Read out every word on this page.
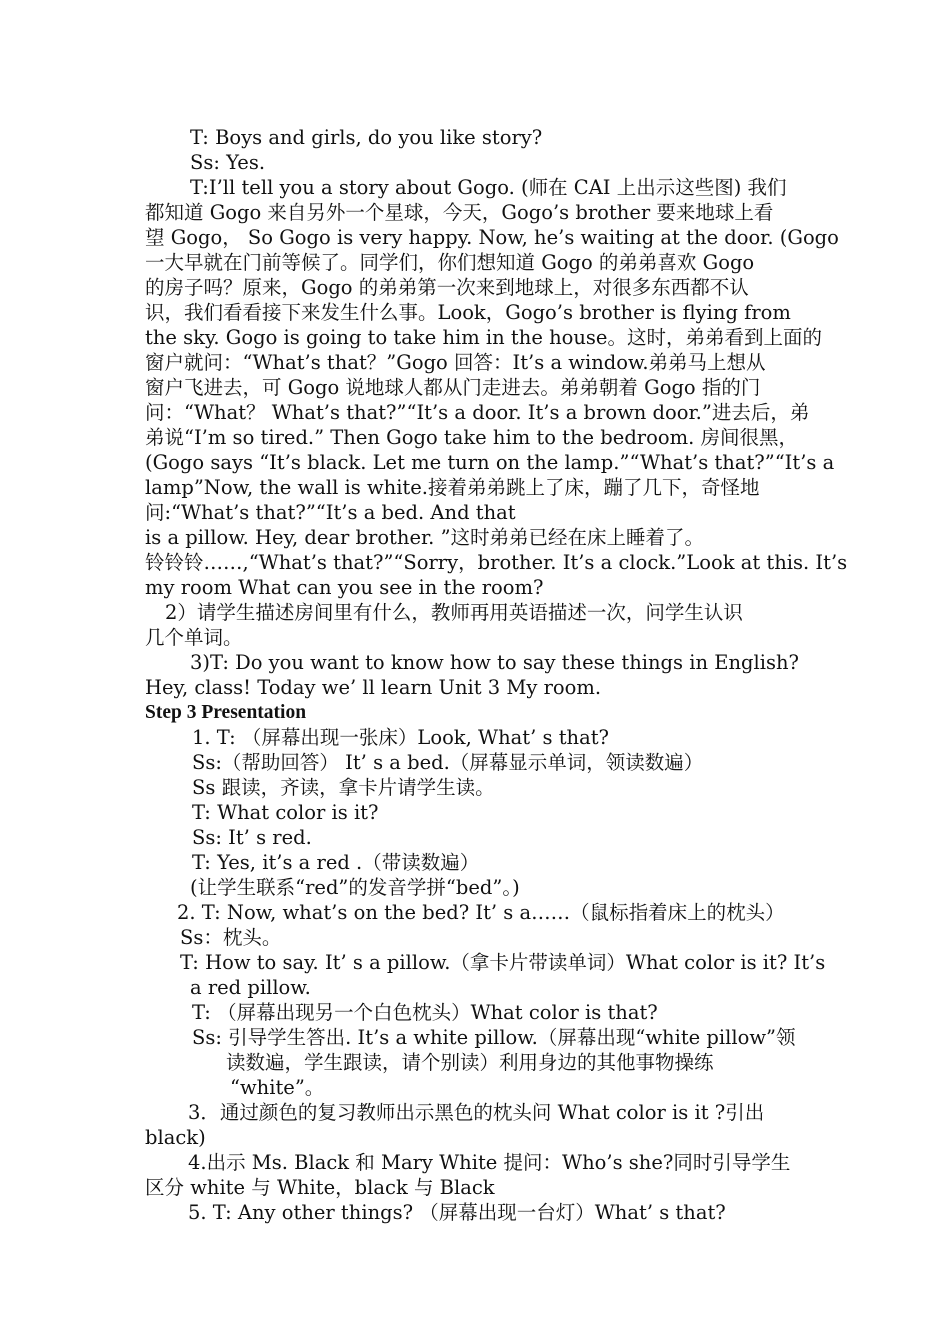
T: Boys and girls, do you like story?
Ss: Yes.
T:I’ll tell you a story about Gogo. (师在 CAI 上出示这些图) 我们
都知道 Gogo 来自另外一个星球，今天，Gogo’s brother 要来地球上看
望 Gogo， So Gogo is very happy. Now, he’s waiting at the door. (Gogo
一大早就在门前等候了。同学们，你们想知道 Gogo 的弟弟喜欢 Gogo
的房子吗？原来，Gogo 的弟弟第一次来到地球上，对很多东西都不认
识，我们看看接下来发生什么事。Look，Gogo’s brother is flying from
the sky. Gogo is going to take him in the house。这时，弟弟看到上面的
窗户就问：“What’s that？”Gogo 回答：It’s a window.弟弟马上想从
窗户飞进去，可 Gogo 说地球人都从门走进去。弟弟朝着 Gogo 指的门
问：“What？ What’s that?”“It’s a door. It’s a brown door.”进去后，弟
弟说“I’m so tired.” Then Gogo take him to the bedroom. 房间很黑，
(Gogo says “It’s black. Let me turn on the lamp.”“What’s that?”“It’s a
lamp”Now, the wall is white.接着弟弟跳上了床，蹦了几下，奇怪地
问:“What’s that?”“It’s a bed. And that
is a pillow. Hey, dear brother. ”这时弟弟已经在床上睡着了。
铃铃铃……,“What’s that?”“Sorry，brother. It’s a clock.”Look at this. It’s
my room What can you see in the room?
2）请学生描述房间里有什么，教师再用英语描述一次，问学生认识
几个单词。
3)T: Do you want to know how to say these things in English?
Hey, class! Today we’ ll learn Unit 3 My room.
Step 3 Presentation
1. T: （屏幕出现一张床）Look, What’ s that?
Ss:（帮助回答） It’ s a bed.（屏幕显示单词，领读数遍）
Ss 跟读，齐读，拿卡片请学生读。
T: What color is it?
Ss: It’ s red.
T: Yes, it’s a red .（带读数遍）
(让学生联系“red”的发音学拼“bed”。)
2. T: Now, what’s on the bed? It’ s a……（鼠标指着床上的枕头）
Ss：枕头。
T: How to say. It’ s a pillow.（拿卡片带读单词）What color is it? It’s
a red pillow.
T: （屏幕出现另一个白色枕头）What color is that?
Ss: 引导学生答出. It’s a white pillow.（屏幕出现“white pillow”领
读数遍，学生跟读，请个别读）利用身边的其他事物操练
“white”。
3．通过颜色的复习教师出示黑色的枕头问 What color is it ?引出
black)
4.出示 Ms. Black 和 Mary White 提问：Who’s she?同时引导学生
区分 white 与 White，black 与 Black
5. T: Any other things? （屏幕出现一台灯）What’ s that?
